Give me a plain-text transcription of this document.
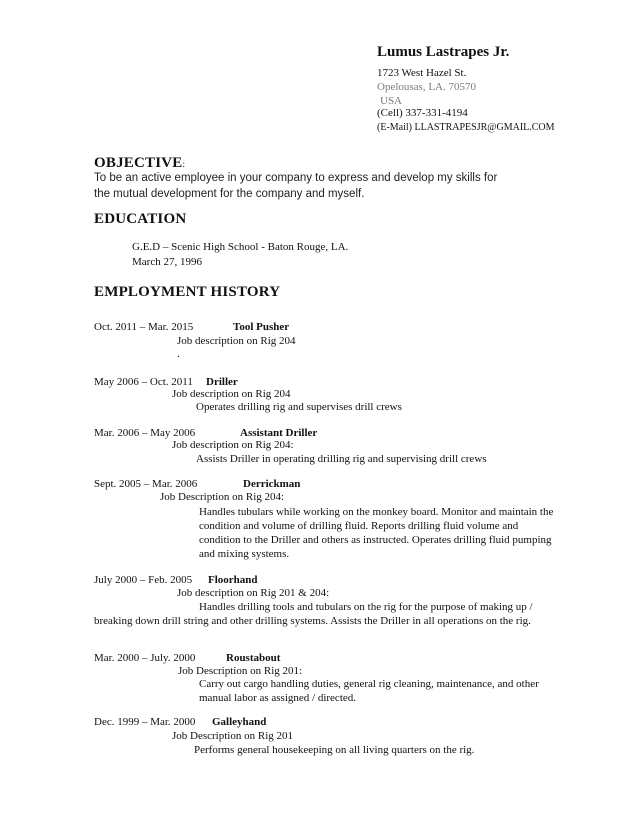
Lumus Lastrapes Jr.
1723 West Hazel St.
Opelousas, LA. 70570
USA
(Cell) 337-331-4194
(E-Mail) LLASTRAPESJR@GMAIL.COM
OBJECTIVE:
To be an active employee in your company to express and develop my skills for
the mutual development for the company and myself.
EDUCATION
G.E.D – Scenic High School - Baton Rouge, LA.
March 27, 1996
EMPLOYMENT HISTORY
Oct. 2011 – Mar. 2015	Tool Pusher
Job description on Rig 204
.
May 2006 – Oct. 2011 Driller
Job description on Rig 204
Operates drilling rig and supervises drill crews
Mar. 2006 – May 2006	Assistant Driller
Job description on Rig 204:
Assists Driller in operating drilling rig and supervising drill crews
Sept. 2005 – Mar. 2006	Derrickman
Job Description on Rig 204:
Handles tubulars while working on the monkey board. Monitor and maintain the
condition and volume of drilling fluid. Reports drilling fluid volume and
condition to the Driller and others as instructed. Operates drilling fluid pumping
and mixing systems.
July 2000 – Feb. 2005 Floorhand
Job description on Rig 201 & 204:
Handles drilling tools and tubulars on the rig for the purpose of making up /
breaking down drill string and other drilling systems. Assists the Driller in all operations on the rig.
Mar. 2000 – July. 2000	Roustabout
Job Description on Rig 201:
Carry out cargo handling duties, general rig cleaning, maintenance, and other
manual labor as assigned / directed.
Dec. 1999 – Mar. 2000 Galleyhand
Job Description on Rig 201
Performs general housekeeping on all living quarters on the rig.
